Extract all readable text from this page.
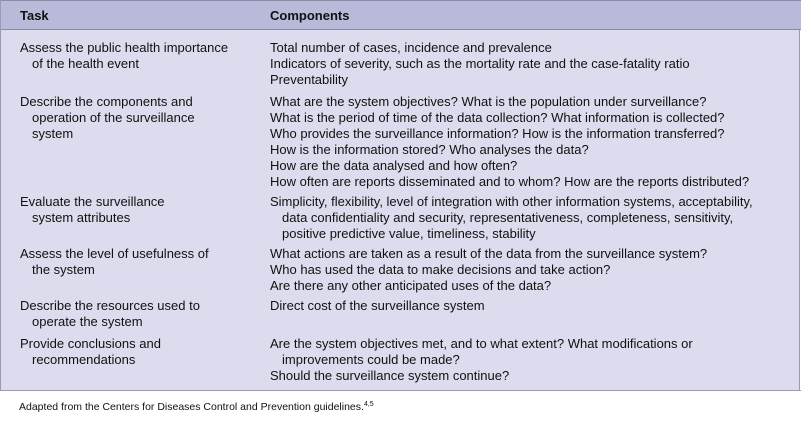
Task	Components
Assess the public health importance
of the health event
Total number of cases, incidence and prevalence
Indicators of severity, such as the mortality rate and the case-fatality ratio
Preventability
Describe the components and
operation of the surveillance
system
What are the system objectives? What is the population under surveillance?
What is the period of time of the data collection? What information is collected?
Who provides the surveillance information? How is the information transferred?
How is the information stored? Who analyses the data?
How are the data analysed and how often?
How often are reports disseminated and to whom? How are the reports distributed?
Evaluate the surveillance
system attributes
Simplicity, flexibility, level of integration with other information systems, acceptability,
data confidentiality and security, representativeness, completeness, sensitivity,
positive predictive value, timeliness, stability
Assess the level of usefulness of
the system
What actions are taken as a result of the data from the surveillance system?
Who has used the data to make decisions and take action?
Are there any other anticipated uses of the data?
Describe the resources used to
operate the system
Direct cost of the surveillance system
Provide conclusions and
recommendations
Are the system objectives met, and to what extent? What modifications or
improvements could be made?
Should the surveillance system continue?
Adapted from the Centers for Diseases Control and Prevention guidelines.$^{4,5}$
